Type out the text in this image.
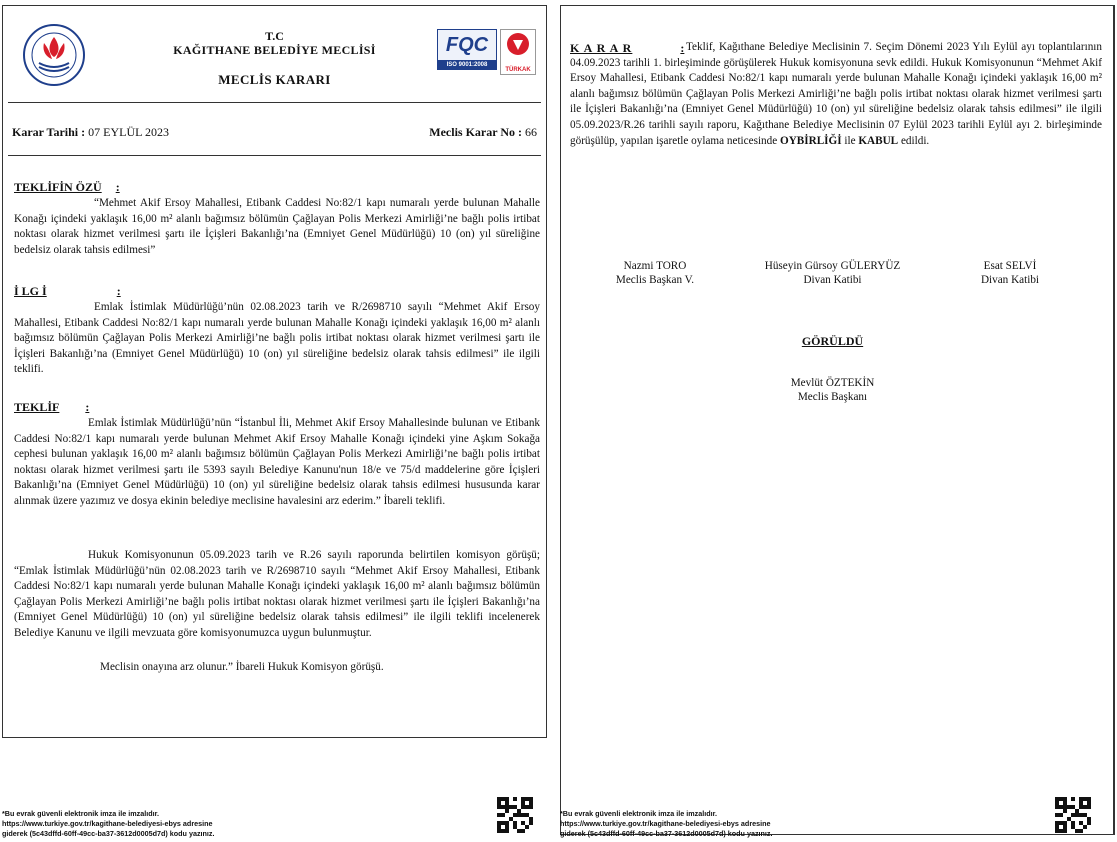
T.C
KAĞITHANE BELEDİYE MECLİSİ
MECLİS KARARI
FQC
ISO 9001:2008
TÜRKAK
Karar Tarihi : 07 EYLÜL 2023	Meclis Karar No : 66
TEKLİFİN ÖZÜ :
“Mehmet Akif Ersoy Mahallesi, Etibank Caddesi No:82/1 kapı numaralı yerde bulunan Mahalle Konağı içindeki yaklaşık 16,00 m² alanlı bağımsız bölümün Çağlayan Polis Merkezi Amirliği’ne bağlı polis irtibat noktası olarak hizmet verilmesi şartı ile İçişleri Bakanlığı’na (Emniyet Genel Müdürlüğü) 10 (on) yıl süreliğine bedelsiz olarak tahsis edilmesi”
İ LG İ	:
Emlak İstimlak Müdürlüğü’nün 02.08.2023 tarih ve R/2698710 sayılı “Mehmet Akif Ersoy Mahallesi, Etibank Caddesi No:82/1 kapı numaralı yerde bulunan Mahalle Konağı içindeki yaklaşık 16,00 m² alanlı bağımsız bölümün Çağlayan Polis Merkezi Amirliği’ne bağlı polis irtibat noktası olarak hizmet verilmesi şartı ile İçişleri Bakanlığı’na (Emniyet Genel Müdürlüğü) 10 (on) yıl süreliğine bedelsiz olarak tahsis edilmesi” ile ilgili teklifi.
TEKLİF :
Emlak İstimlak Müdürlüğü’nün “İstanbul İli, Mehmet Akif Ersoy Mahallesinde bulunan ve Etibank Caddesi No:82/1 kapı numaralı yerde bulunan Mehmet Akif Ersoy Mahalle Konağı içindeki yine Aşkım Sokağa cephesi bulunan yaklaşık 16,00 m² alanlı bağımsız bölümün Çağlayan Polis Merkezi Amirliği’ne bağlı polis irtibat noktası olarak hizmet verilmesi şartı ile 5393 sayılı Belediye Kanunu'nun 18/e ve 75/d maddelerine göre İçişleri Bakanlığı’na (Emniyet Genel Müdürlüğü) 10 (on) yıl süreliğine bedelsiz olarak tahsis edilmesi hususunda karar alınmak üzere yazımız ve dosya ekinin belediye meclisine havalesini arz ederim.” İbareli teklifi.
Hukuk Komisyonunun 05.09.2023 tarih ve R.26 sayılı raporunda belirtilen komisyon görüşü; “Emlak İstimlak Müdürlüğü’nün 02.08.2023 tarih ve R/2698710 sayılı “Mehmet Akif Ersoy Mahallesi, Etibank Caddesi No:82/1 kapı numaralı yerde bulunan Mahalle Konağı içindeki yaklaşık 16,00 m² alanlı bağımsız bölümün Çağlayan Polis Merkezi Amirliği’ne bağlı polis irtibat noktası olarak hizmet verilmesi şartı ile İçişleri Bakanlığı’na (Emniyet Genel Müdürlüğü) 10 (on) yıl süreliğine bedelsiz olarak tahsis edilmesi” ile ilgili teklifi incelenerek Belediye Kanunu ve ilgili mevzuata göre komisyonumuzca uygun bulunmuştur.
Meclisin onayına arz olunur.” İbareli Hukuk Komisyon görüşü.
*Bu evrak güvenli elektronik imza ile imzalıdır.
https://www.turkiye.gov.tr/kagithane-belediyesi-ebys adresine
giderek (5c43dffd-60ff-49cc-ba37-3612d0005d7d) kodu yazınız.
K A R A R	: Teklif, Kağıthane Belediye Meclisinin 7. Seçim Dönemi 2023 Yılı Eylül ayı toplantılarının 04.09.2023 tarihli 1. birleşiminde görüşülerek Hukuk komisyonuna sevk edildi. Hukuk Komisyonunun “Mehmet Akif Ersoy Mahallesi, Etibank Caddesi No:82/1 kapı numaralı yerde bulunan Mahalle Konağı içindeki yaklaşık 16,00 m² alanlı bağımsız bölümün Çağlayan Polis Merkezi Amirliği’ne bağlı polis irtibat noktası olarak hizmet verilmesi şartı ile İçişleri Bakanlığı’na (Emniyet Genel Müdürlüğü) 10 (on) yıl süreliğine bedelsiz olarak tahsis edilmesi” ile ilgili 05.09.2023/R.26 tarihli sayılı raporu, Kağıthane Belediye Meclisinin 07 Eylül 2023 tarihli Eylül ayı 2. birleşiminde görüşülüp, yapılan işaretle oylama neticesinde OYBİRLİĞİ ile KABUL edildi.
Nazmi TORO
Meclis Başkan V.
Hüseyin Gürsoy GÜLERYÜZ
Divan Katibi
Esat SELVİ
Divan Katibi
GÖRÜLDÜ
Mevlüt ÖZTEKİN
Meclis Başkanı
*Bu evrak güvenli elektronik imza ile imzalıdır.
https://www.turkiye.gov.tr/kagithane-belediyesi-ebys adresine
giderek (5c43dffd-60ff-49cc-ba37-3612d0005d7d) kodu yazınız.
